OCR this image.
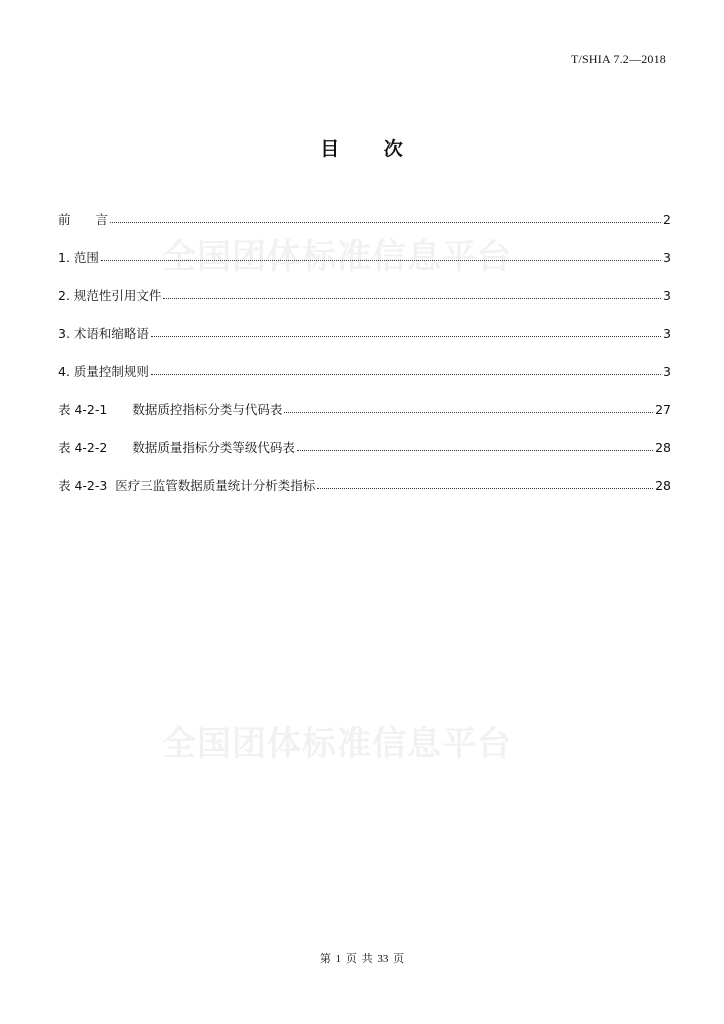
T/SHIA 7.2—2018
目 次
全国团体标准信息平台
全国团体标准信息平台
前　　言	2
1. 范围	3
2. 规范性引用文件	3
3. 术语和缩略语	3
4. 质量控制规则	3
表 4-2-1　　数据质控指标分类与代码表	27
表 4-2-2　　数据质量指标分类等级代码表	28
表 4-2-3  医疗三监管数据质量统计分析类指标	28
第 1 页 共 33 页
